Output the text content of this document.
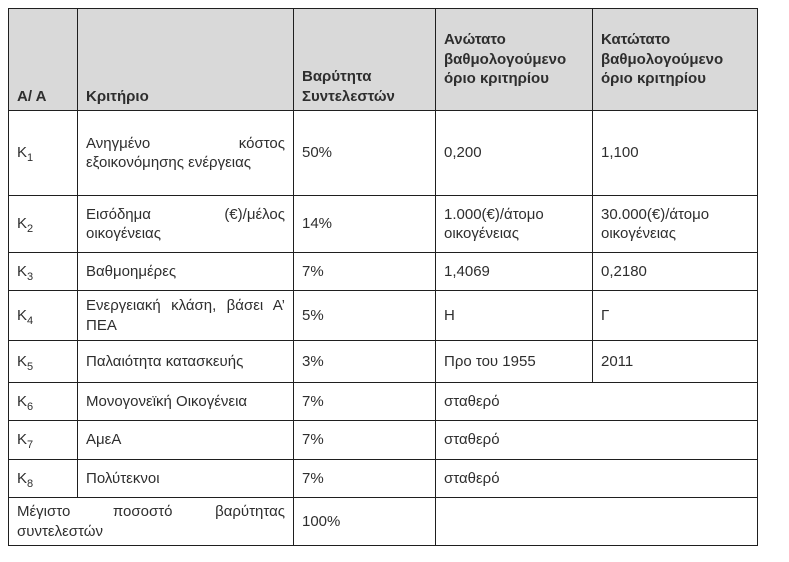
Α/ Α	Κριτήριο	Βαρύτητα Συντελεστών	Ανώτατο βαθμολογούμενο όριο κριτηρίου	Κατώτατο βαθμολογούμενο όριο κριτηρίου
$K_1$	Ανηγμένο κόστος εξοικονόμησης ενέργειας	50%	0,200	1,100
$K_2$	Εισόδημα (€)/μέλος οικογένειας	14%	1.000(€)/άτομο οικογένειας	30.000(€)/άτομο οικογένειας
$K_3$	Βαθμοημέρες	7%	1,4069	0,2180
$K_4$	Ενεργειακή κλάση, βάσει Α’ ΠΕΑ	5%	Η	Γ
$K_5$	Παλαιότητα κατασκευής	3%	Προ του 1955	2011
$K_6$	Μονογονεϊκή Οικογένεια	7%	σταθερό	
$K_7$	ΑμεΑ	7%	σταθερό	
$K_8$	Πολύτεκνοι	7%	σταθερό	
Μέγιστο ποσοστό βαρύτητας συντελεστών		100%		
